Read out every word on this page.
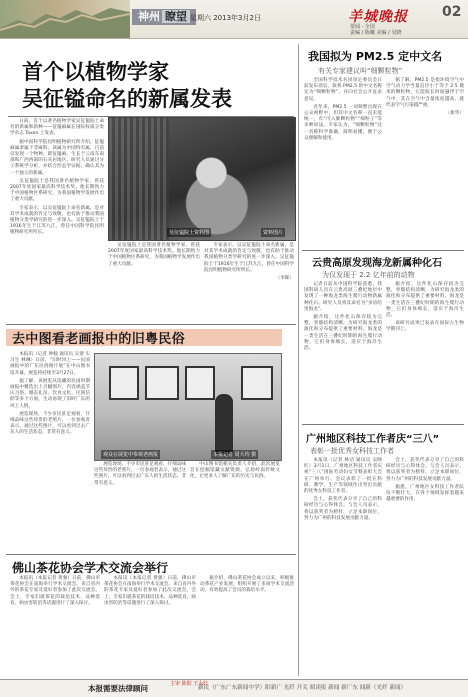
神州 瞭望 星期六 2013年3月2日	羊城晚报 02
要闻 · 全国
责编 / 陈曦 美编 / 吴晓
首个以植物学家
吴征镒命名的新属发表

日前，首个以著名植物学家吴征镒院士命名的新属和新种——征镒麻属在国际权威分类学杂志 Taxon 上发表。

据中国科学院昆明植物研究所介绍，征镒麻属隶属于荨麻科，该属为中国特有属，目前仅发现一个物种，即征镒麻，生长于云南东南部和广西西部的石灰岩地区。研究人员通过分子系统学分析，并结合形态学证据，确认其为一个独立的新属。

吴征镒院士是我国著名植物学家，曾获2007年度国家最高科学技术奖。他长期致力于中国植物区系研究，为我国植物学发展作出了重大贡献。

专家表示，以吴征镒院士命名新属，是对其学术成就的肯定与致敬，也有助于推动我国植物分类学研究的进一步深入。吴征镒院士于1916年生于江苏九江，曾任中国科学院昆明植物研究所所长。	吴征镒院士资料图	资料图片

吴征镒院士是我国著名植物学家，曾获2007年度国家最高科学技术奖。他长期致力于中国植物区系研究，为我国植物学发展作出了重大贡献。

专家表示，以吴征镒院士命名新属，是对其学术成就的肯定与致敬，也有助于推动我国植物分类学研究的进一步深入。吴征镒院士于1916年生于江苏九江，曾任中国科学院昆明植物研究所所长。

（李晖）

我国拟为 PM2.5 定中文名
有关专家建议叫“细颗粒物”

全国科学技术名词审定委员会日前发布消息，拟将 PM2.5 的中文名称定为“细颗粒物”，并向社会公开征求意见。

近年来，PM2.5 一词频繁出现在公众视野中，但其中文名称一直未能统一，有“可入肺颗粒物”“细粒子”等多种说法。专家认为，“细颗粒物”这一名称科学准确、简明易懂，便于公众理解和使用。

据了解，PM2.5 是指环境空气中空气动力学当量直径小于等于 2.5 微米的颗粒物，它能较长时间悬浮于空气中，其在空气中含量浓度越高，就代表空气污染越严重。

（新华）

云贵高原发现海龙新属种化石
为仅发现于 2.2 亿年前的动物

记者日前从中国科学院获悉，我国科研人员在云贵高原三叠纪地层中发现了一种海龙类海生爬行动物新属种化石。研究人员将其命名为“多齿哈里海龙”。

据介绍，这件化石保存较为完整，骨骼结构清晰，为研究海龙类的演化和分布提供了重要材料。海龙是一类生活在三叠纪时期的海生爬行动物，它们身体细长，适应于海洋生活。

据介绍，这件化石保存较为完整，骨骼结构清晰，为研究海龙类的演化和分布提供了重要材料。海龙是一类生活在三叠纪时期的海生爬行动物，它们身体细长，适应于海洋生活。

该研究成果已发表在国际古生物学期刊上。

广州地区科技工作者庆“三八”
表彰一批优秀女科技工作者

本报讯（记者 林洁 通讯员 吴映红）3月1日，广州地区科技工作者庆祝“三八”国际劳动妇女节暨表彰大会在广州举行。会议表彰了一批在科研、教学、生产等领域作出突出贡献的优秀女科技工作者。

会上，获奖代表分享了自己的科研经历与心得体会。与会人员表示，将以获奖者为榜样，立足本职岗位，努力为广州的科技发展贡献力量。

会上，获奖代表分享了自己的科研经历与心得体会。与会人员表示，将以获奖者为榜样，立足本职岗位，努力为广州的科技发展贡献力量。

据悉，广州地区女科技工作者队伍不断壮大，在各个领域发挥着越来越重要的作用。

去中图看老画报中的旧粤民俗

本报讯（记者 钟翰 通讯员 吴倩 实习生 林琳）日前，“旧时风土——民国画报中的广东民俗图片展”在中山图书馆开幕。展览将持续至3月27日。

据了解，该展览从馆藏的民国时期画报中精选出上百幅图片，内容涵盖节庆习俗、婚丧礼仪、饮食文化、民间信仰等多个方面，生动再现了旧时广东的风土人情。

展览现场，不少市民驻足观看，仔细品味这些珍贵的老照片。一位参观者表示，通过这些图片，可以看到过去广东人的生活状态，非常有意义。

观众在展览中参观老画报	本报记者 周大均 摄

展览现场，不少市民驻足观看，仔细品味这些珍贵的老照片。一位参观者表示，通过这些图片，可以看到过去广东人的生活状态，非常有意义。

中山图书馆相关负责人介绍，此次展览旨在挖掘馆藏文献资源，弘扬岭南传统文化，让更多人了解广东的历史与民俗。

佛山茶花协会学术交流会举行

本报讯（本报记者 黄强）日前，佛山市茶花协会在南海举行学术交流会。来自省内外的茶花专家及爱好者参加了此次交流会。会上，专家们就茶花的栽培技术、品种选育、病虫害防治等话题进行了深入探讨。

本报讯（本报记者 黄强）日前，佛山市茶花协会在南海举行学术交流会。来自省内外的茶花专家及爱好者参加了此次交流会。会上，专家们就茶花的栽培技术、品种选育、病虫害防治等话题进行了深入探讨。

据介绍，佛山茶花协会成立以来，积极推动茶花产业发展，组织开展了多项学术交流活动，有效提高了会员的栽培水平。

本报需要法律顾问	主审 陈阳 王永红
新民（广东广东新闻中学）阳新广 光纤 开关 阅读报 新闻 新广东 闻新（光纤 新闻）
